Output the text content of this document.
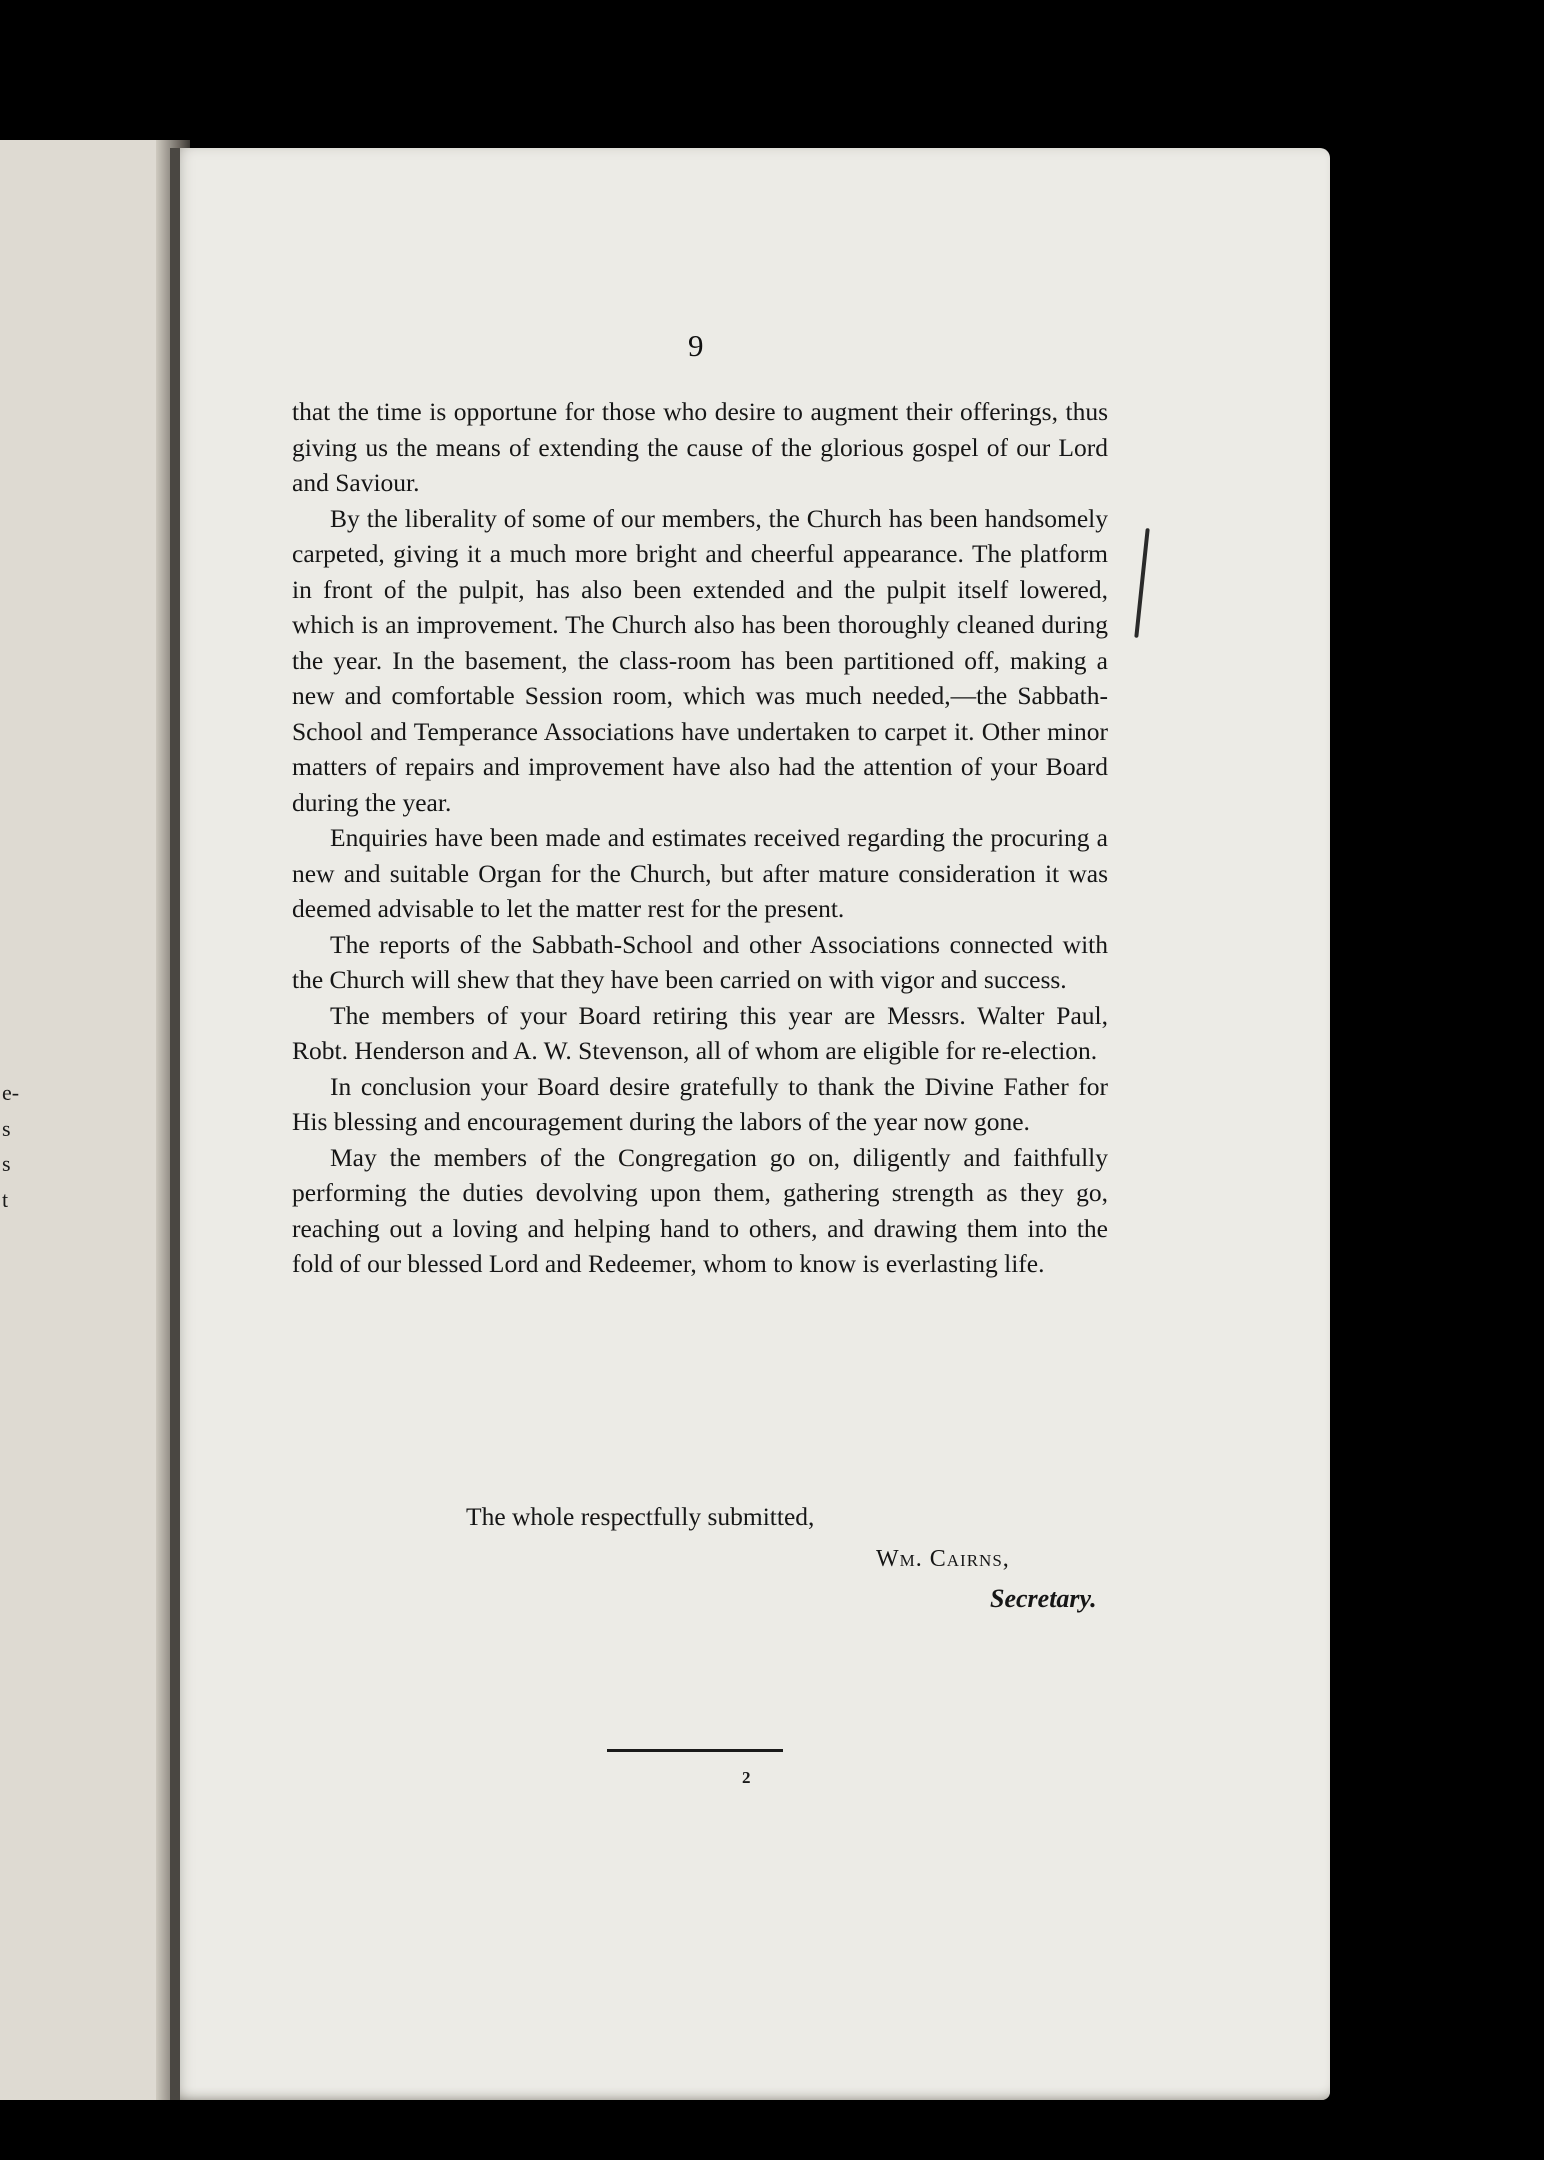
e-
s
s
t
9

that the time is opportune for those who desire to augment their offerings, thus giving us the means of extending the cause of the glorious gospel of our Lord and Saviour.

By the liberality of some of our members, the Church has been handsomely carpeted, giving it a much more bright and cheerful appearance. The platform in front of the pulpit, has also been extended and the pulpit itself lowered, which is an improvement. The Church also has been thoroughly cleaned during the year. In the basement, the class-room has been partitioned off, making a new and comfortable Session room, which was much needed,—the Sabbath-School and Temperance Associations have undertaken to carpet it. Other minor matters of repairs and improvement have also had the attention of your Board during the year.

Enquiries have been made and estimates received regarding the procuring a new and suitable Organ for the Church, but after mature consideration it was deemed advisable to let the matter rest for the present.

The reports of the Sabbath-School and other Associations connected with the Church will shew that they have been carried on with vigor and success.

The members of your Board retiring this year are Messrs. Walter Paul, Robt. Henderson and A. W. Stevenson, all of whom are eligible for re-election.

In conclusion your Board desire gratefully to thank the Divine Father for His blessing and encouragement during the labors of the year now gone.

May the members of the Congregation go on, diligently and faithfully performing the duties devolving upon them, gathering strength as they go, reaching out a loving and helping hand to others, and drawing them into the fold of our blessed Lord and Redeemer, whom to know is everlasting life.

The whole respectfully submitted,
Wm. Cairns,
Secretary.
2
